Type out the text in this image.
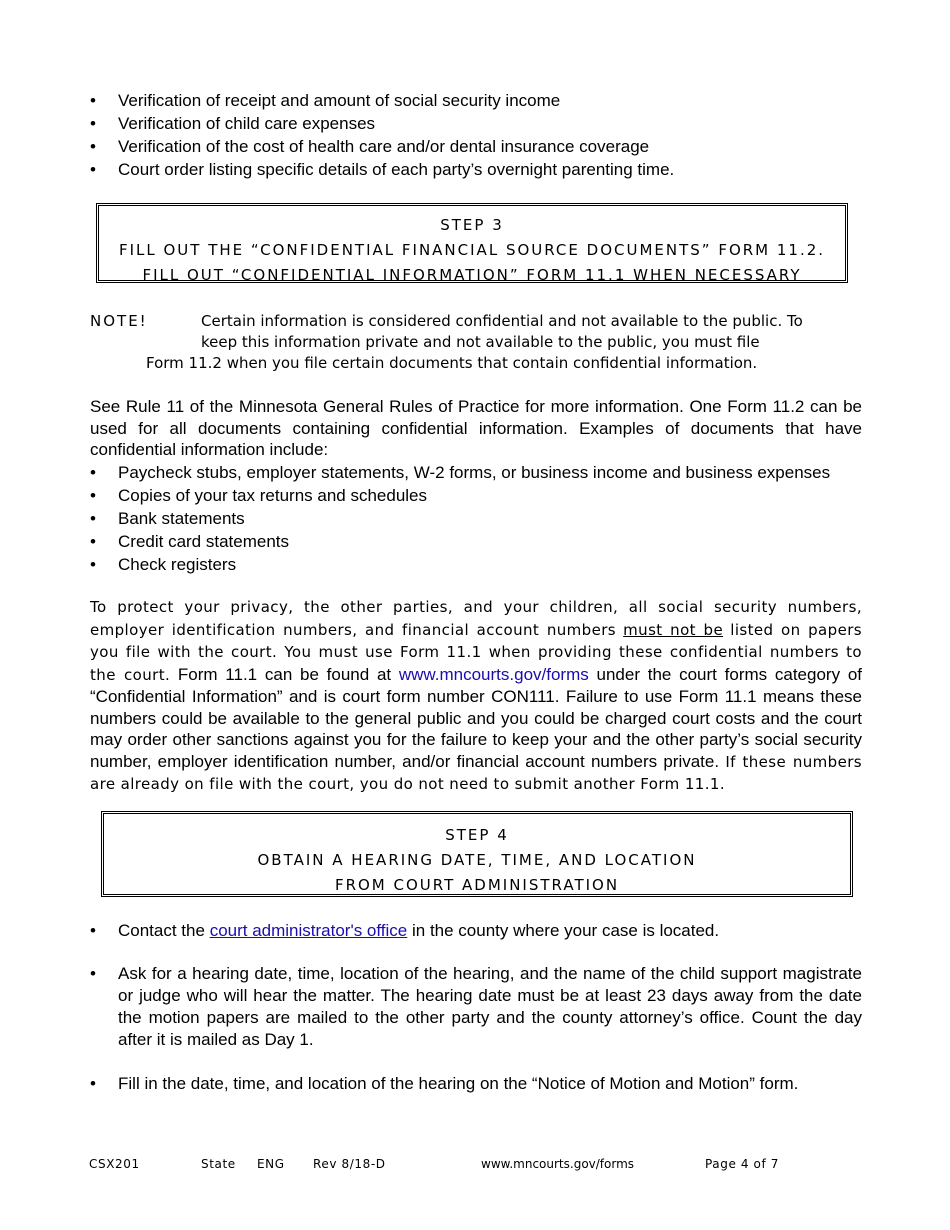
• Verification of receipt and amount of social security income
• Verification of child care expenses
• Verification of the cost of health care and/or dental insurance coverage
• Court order listing specific details of each party’s overnight parenting time.
STEP 3
FILL OUT THE “CONFIDENTIAL FINANCIAL SOURCE DOCUMENTS” FORM 11.2.
FILL OUT “CONFIDENTIAL INFORMATION” FORM 11.1 WHEN NECESSARY
NOTE!	Certain information is considered confidential and not available to the public. To
keep this information private and not available to the public, you must file
Form 11.2 when you file certain documents that contain confidential information.
See Rule 11 of the Minnesota General Rules of Practice for more information. One Form 11.2 can be used for all documents containing confidential information. Examples of documents that have confidential information include:
• Paycheck stubs, employer statements, W-2 forms, or business income and business expenses
• Copies of your tax returns and schedules
• Bank statements
• Credit card statements
• Check registers
To protect your privacy, the other parties, and your children, all social security numbers, employer identification numbers, and financial account numbers must not be listed on papers you file with the court. You must use Form 11.1 when providing these confidential numbers to the court. Form 11.1 can be found at www.mncourts.gov/forms under the court forms category of “Confidential Information” and is court form number CON111. Failure to use Form 11.1 means these numbers could be available to the general public and you could be charged court costs and the court may order other sanctions against you for the failure to keep your and the other party’s social security number, employer identification number, and/or financial account numbers private. If these numbers are already on file with the court, you do not need to submit another Form 11.1.
STEP 4
OBTAIN A HEARING DATE, TIME, AND LOCATION
FROM COURT ADMINISTRATION
• Contact the court administrator's office in the county where your case is located.
• Ask for a hearing date, time, location of the hearing, and the name of the child support magistrate or judge who will hear the matter. The hearing date must be at least 23 days away from the date the motion papers are mailed to the other party and the county attorney’s office. Count the day after it is mailed as Day 1.
• Fill in the date, time, and location of the hearing on the “Notice of Motion and Motion” form.
CSX201	State ENG Rev 8/18-D	www.mncourts.gov/forms	Page 4 of 7
